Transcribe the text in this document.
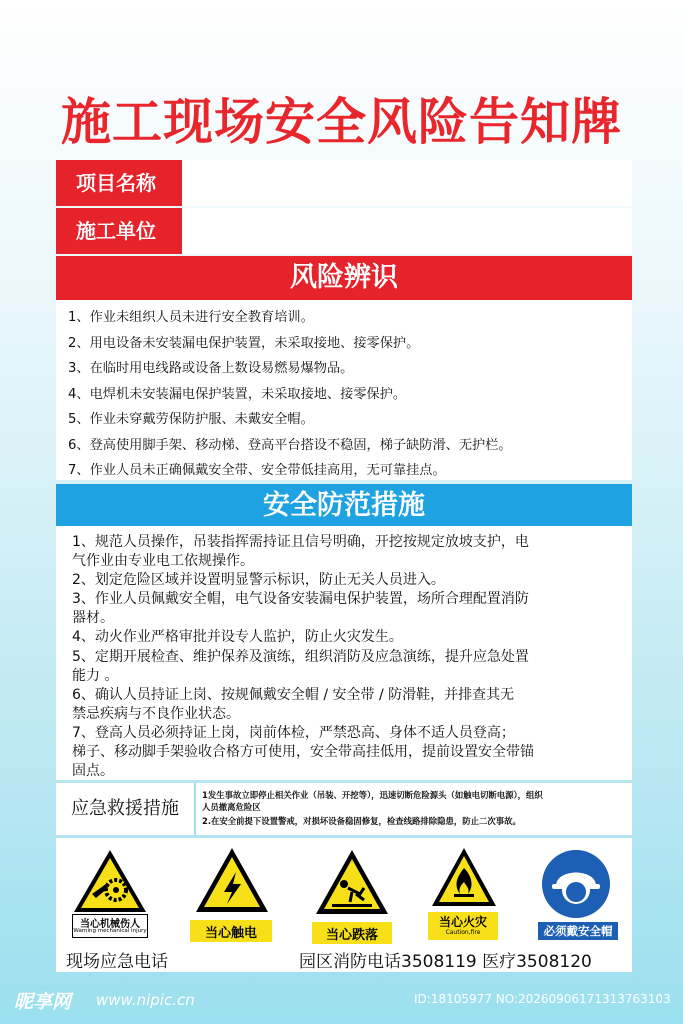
施工现场安全风险告知牌
项目名称
施工单位
风险辨识
1、作业未组织人员未进行安全教育培训。
2、用电设备未安装漏电保护装置，未采取接地、接零保护。
3、在临时用电线路或设备上数设易燃易爆物品。
4、电焊机未安装漏电保护装置，未采取接地、接零保护。
5、作业未穿戴劳保防护服、未戴安全帽。
6、登高使用脚手架、移动梯、登高平台搭设不稳固，梯子缺防滑、无护栏。
7、作业人员未正确佩戴安全带、安全带低挂高用，无可靠挂点。
安全防范措施
1、规范人员操作，吊装指挥需持证且信号明确，开挖按规定放坡支护，电
气作业由专业电工依规操作。
2、划定危险区域并设置明显警示标识，防止无关人员进入。
3、作业人员佩戴安全帽，电气设备安装漏电保护装置，场所合理配置消防
器材。
4、动火作业严格审批并设专人监护，防止火灾发生。
5、定期开展检查、维护保养及演练，组织消防及应急演练，提升应急处置
能力 。
6、确认人员持证上岗、按规佩戴安全帽 / 安全带 / 防滑鞋，并排查其无
禁忌疾病与不良作业状态。
7、登高人员必须持证上岗，岗前体检，严禁恐高、身体不适人员登高；
梯子、移动脚手架验收合格方可使用，安全带高挂低用，提前设置安全带锚
固点。
应急救援措施
1发生事故立即停止相关作业（吊装、开挖等），迅速切断危险源头（如触电切断电源），组织
人员撤离危险区
2.在安全前提下设置警戒，对损坏设备稳固修复，检查线路排除隐患，防止二次事故。
当心机械伤人
Warning mechanical injury	当心触电	当心跌落
当心火灾
Caution,fire	必须戴安全帽
现场应急电话	园区消防电话3508119 医疗3508120
昵享网 www.nipic.cn	ID:18105977 NO:20260906171313763103
